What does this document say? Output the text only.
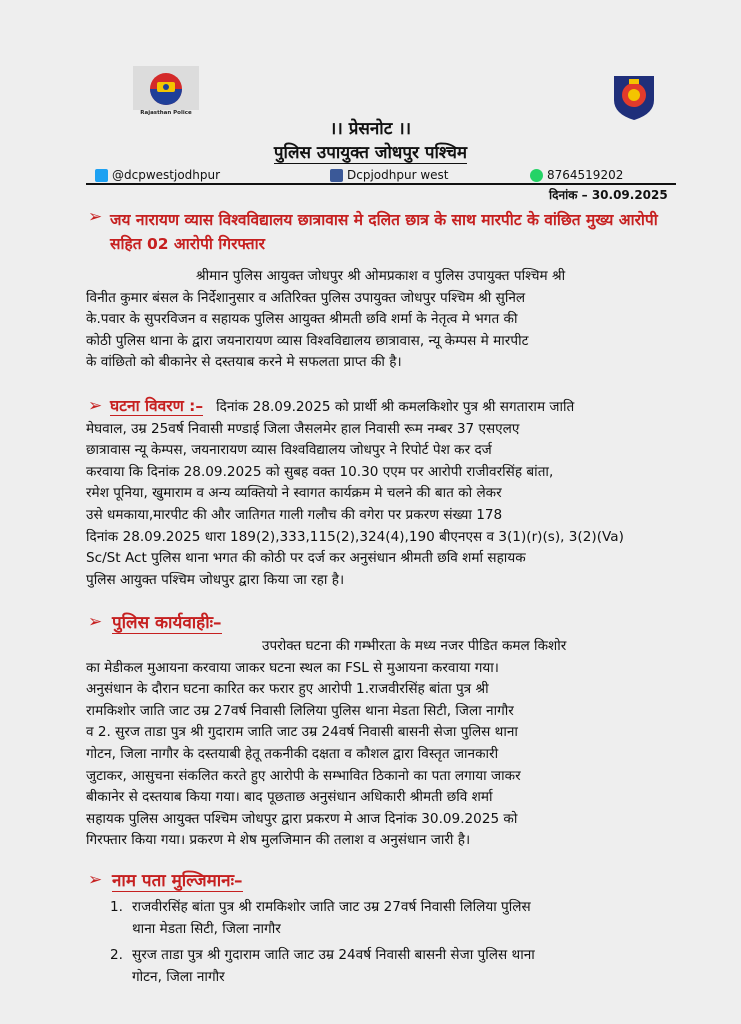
Rajasthan Police
।। प्रेसनोट ।।
पुलिस उपायुक्त जोधपुर पश्चिम
@dcpwestjodhpur	Dcpjodhpur west	8764519202
दिनांक – 30.09.2025
➢ जय नारायण व्यास विश्वविद्यालय छात्रावास मे दलित छात्र के साथ मारपीट के वांछित मुख्य आरोपी सहित 02 आरोपी गिरफ्तार
श्रीमान पुलिस आयुक्त जोधपुर श्री ओमप्रकाश व पुलिस उपायुक्त पश्चिम श्री
विनीत कुमार बंसल के निर्देशानुसार व अतिरिक्त पुलिस उपायुक्त जोधपुर पश्चिम श्री सुनिल
के.पवार के सुपरविजन व सहायक पुलिस आयुक्त श्रीमती छवि शर्मा के नेतृत्व मे भगत की
कोठी पुलिस थाना के द्वारा जयनारायण व्यास विश्वविद्यालय छात्रावास, न्यू केम्पस मे मारपीट
के वांछितो को बीकानेर से दस्तयाब करने मे सफलता प्राप्त की है।
➢ घटना विवरण :– दिनांक 28.09.2025 को प्रार्थी श्री कमलकिशोर पुत्र श्री सगताराम जाति
मेघवाल, उम्र 25वर्ष निवासी मण्डाई जिला जैसलमेर हाल निवासी रूम नम्बर 37 एसएलए
छात्रावास न्यू केम्पस, जयनारायण व्यास विश्वविद्यालय जोधपुर ने रिपोर्ट पेश कर दर्ज
करवाया कि दिनांक 28.09.2025 को सुबह वक्त 10.30 एएम पर आरोपी राजीवरसिंह बांता,
रमेश पूनिया, खुमाराम व अन्य व्यक्तियो ने स्वागत कार्यक्रम मे चलने की बात को लेकर
उसे धमकाया,मारपीट की और जातिगत गाली गलौच की वगेरा पर प्रकरण संख्या 178
दिनांक 28.09.2025 धारा 189(2),333,115(2),324(4),190 बीएनएस व 3(1)(r)(s), 3(2)(Va)
Sc/St Act पुलिस थाना भगत की कोठी पर दर्ज कर अनुसंधान श्रीमती छवि शर्मा सहायक
पुलिस आयुक्त पश्चिम जोधपुर द्वारा किया जा रहा है।
➢ पुलिस कार्यवाहीः–
उपरोक्त घटना की गम्भीरता के मध्य नजर पीडित कमल किशोर
का मेडीकल मुआयना करवाया जाकर घटना स्थल का FSL से मुआयना करवाया गया।
अनुसंधान के दौरान घटना कारित कर फरार हुए आरोपी 1.राजवीरसिंह बांता पुत्र श्री
रामकिशोर जाति जाट उम्र 27वर्ष निवासी लिलिया पुलिस थाना मेडता सिटी, जिला नागौर
व 2. सुरज ताडा पुत्र श्री गुदाराम जाति जाट उम्र 24वर्ष निवासी बासनी सेजा पुलिस थाना
गोटन, जिला नागौर के दस्तयाबी हेतू तकनीकी दक्षता व कौशल द्वारा विस्तृत जानकारी
जुटाकर, आसुचना संकलित करते हुए आरोपी के सम्भावित ठिकानो का पता लगाया जाकर
बीकानेर से दस्तयाब किया गया। बाद पूछताछ अनुसंधान अधिकारी श्रीमती छवि शर्मा
सहायक पुलिस आयुक्त पश्चिम जोधपुर द्वारा प्रकरण मे आज दिनांक 30.09.2025 को
गिरफ्तार किया गया। प्रकरण मे शेष मुलजिमान की तलाश व अनुसंधान जारी है।
➢ नाम पता मुल्जिमानः–
1. राजवीरसिंह बांता पुत्र श्री रामकिशोर जाति जाट उम्र 27वर्ष निवासी लिलिया पुलिस
थाना मेडता सिटी, जिला नागौर
2. सुरज ताडा पुत्र श्री गुदाराम जाति जाट उम्र 24वर्ष निवासी बासनी सेजा पुलिस थाना
गोटन, जिला नागौर
